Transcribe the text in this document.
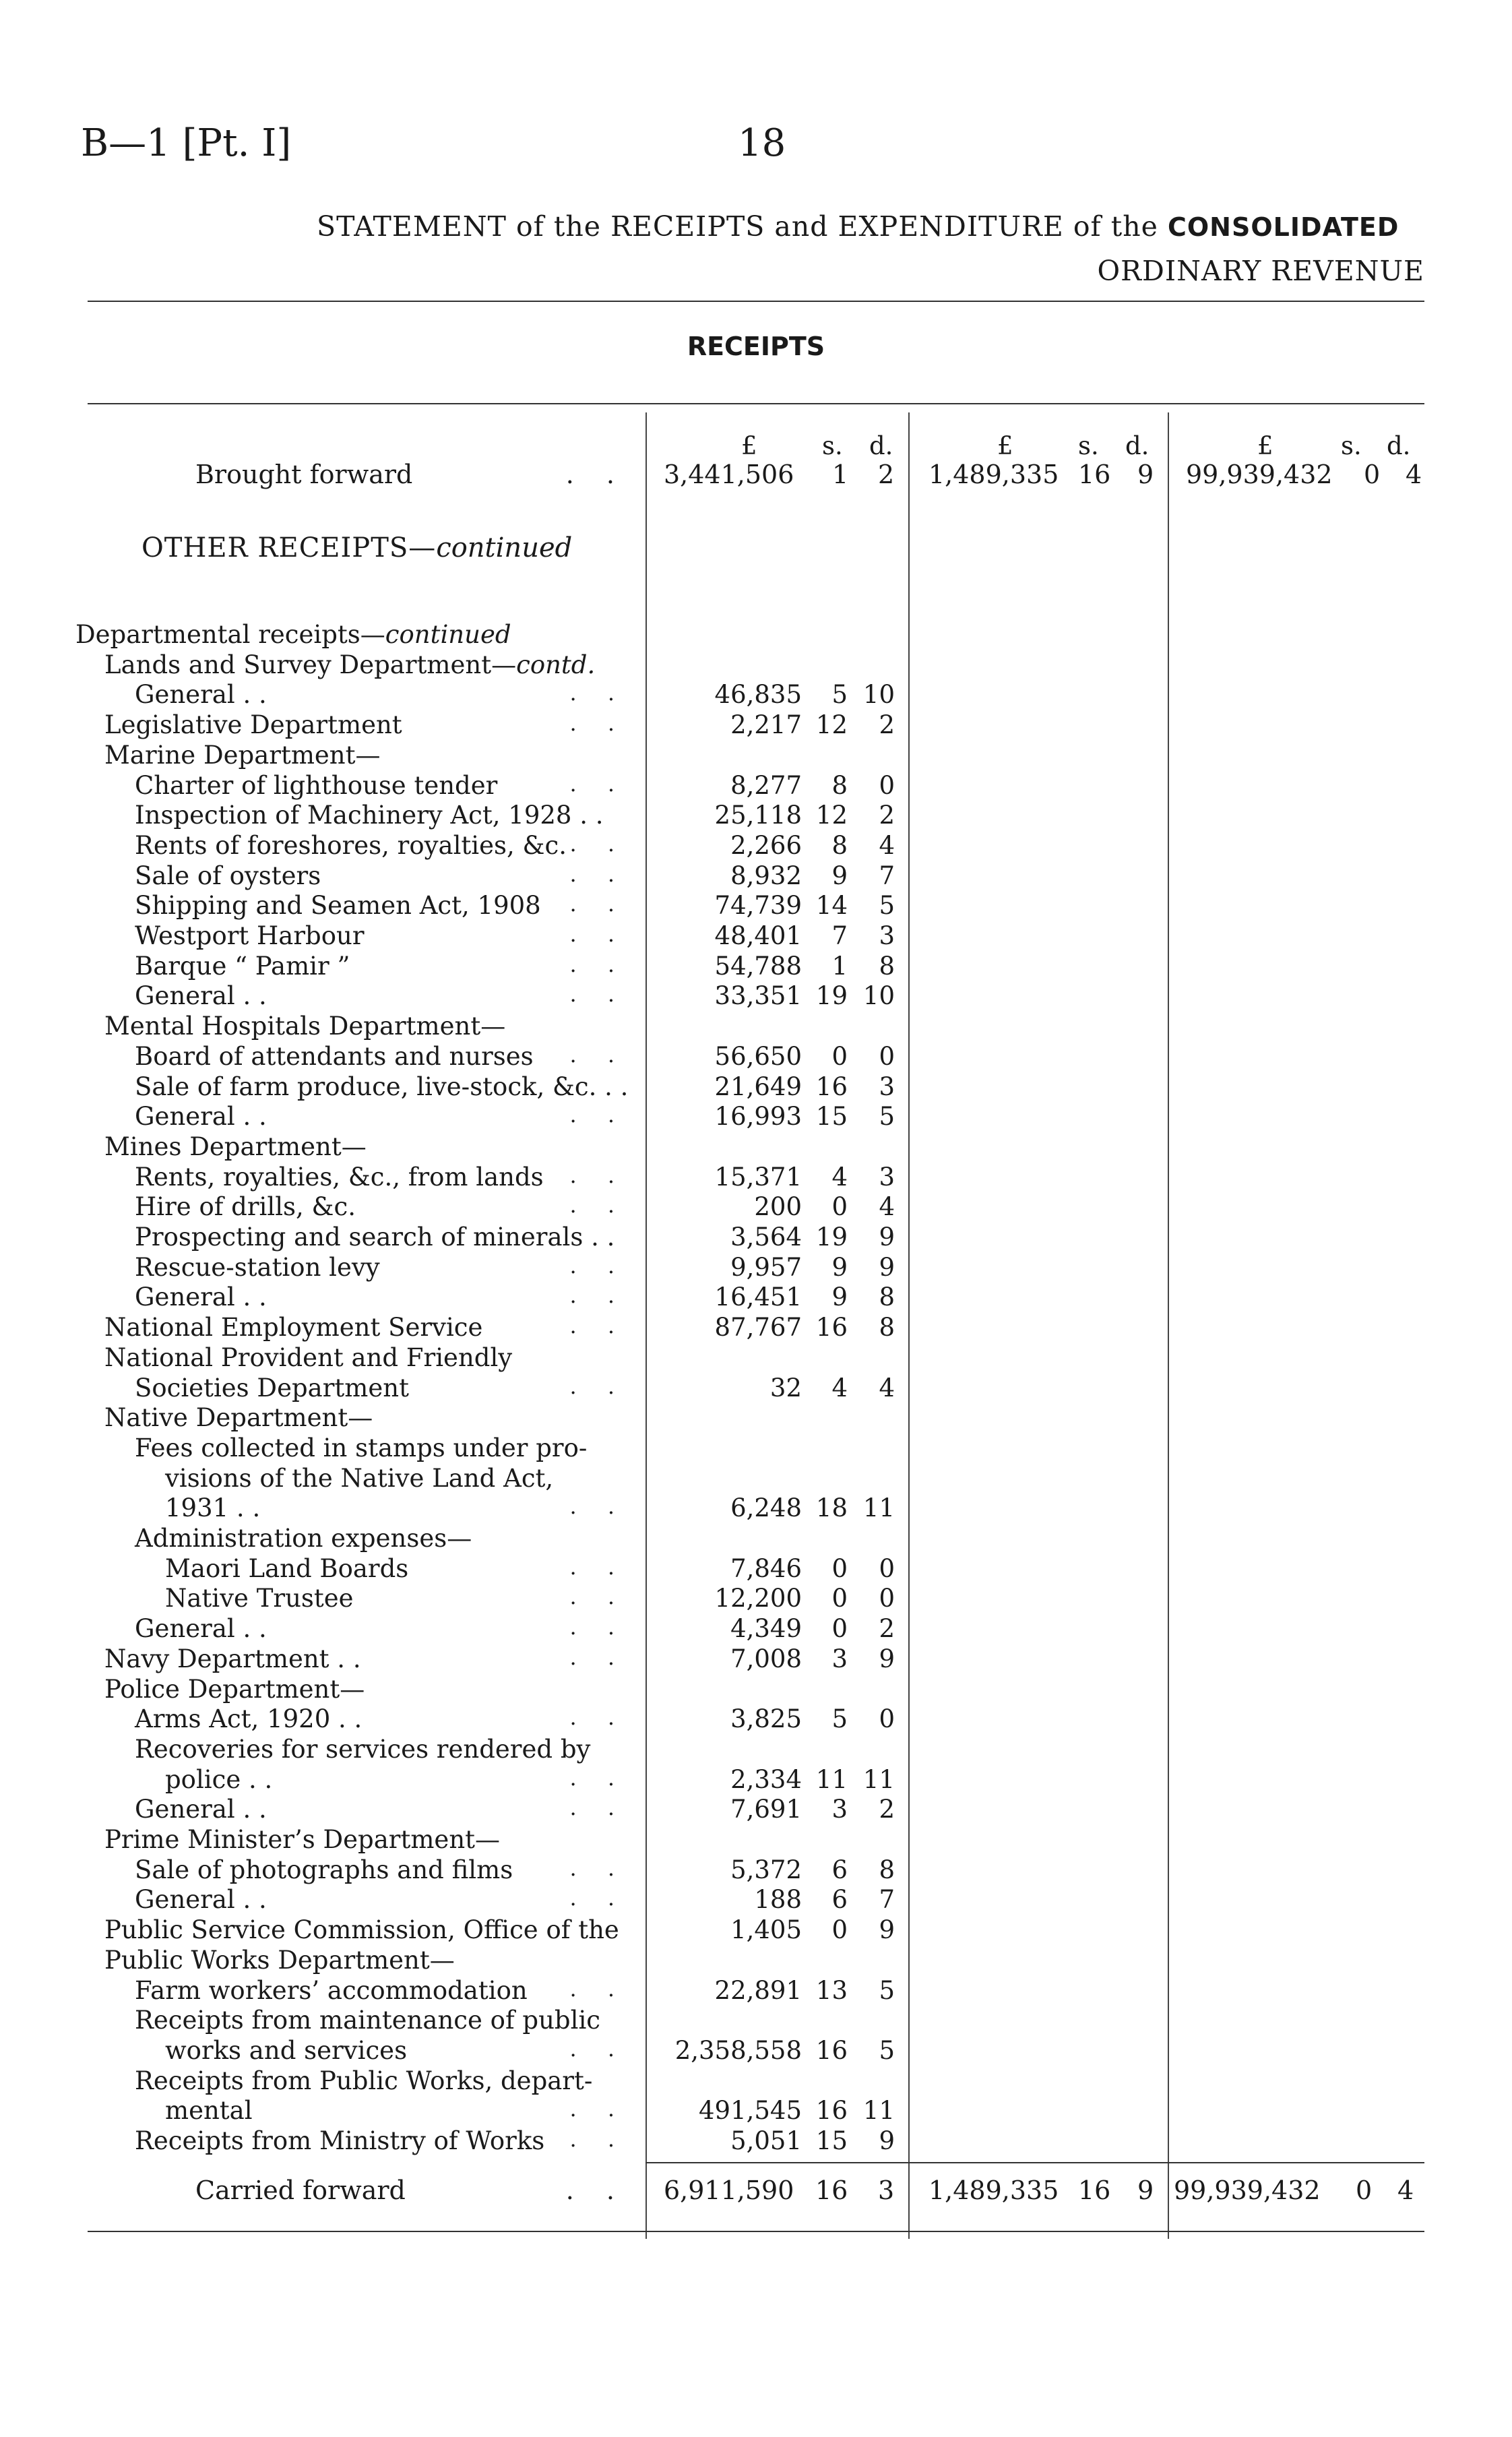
B—1 [Pt. I]	18
STATEMENT of the RECEIPTS and EXPENDITURE of the CONSOLIDATED
ORDINARY REVENUE
RECEIPTS
£	s. d.	£	s. d.	£	s. d.
Brought forward	. . 3,441,506 1 2 1,489,335 16 9 99,939,432 0 4
OTHER RECEIPTS—continued
Departmental receipts—continued
Lands and Survey Department—contd.
General . .	. .	46,835	5 10
Legislative Department	. .	2,217 12	2
Marine Department—
Charter of lighthouse tender	. .	8,277	8	0
Inspection of Machinery Act, 1928 . .	25,118 12	2
Rents of foreshores, royalties, &c. . .	2,266	8	4
Sale of oysters	. .	8,932	9	7
Shipping and Seamen Act, 1908	. .	74,739 14	5
Westport Harbour	. .	48,401	7	3
Barque “ Pamir ”	. .	54,788	1	8
General . .	. .	33,351 19 10
Mental Hospitals Department—
Board of attendants and nurses	. .	56,650	0	0
Sale of farm produce, live-stock, &c. . .	21,649 16	3
General . .	. .	16,993 15	5
Mines Department—
Rents, royalties, &c., from lands	. .	15,371	4	3
Hire of drills, &c.	. .	200	0	4
Prospecting and search of minerals . .	3,564 19	9
Rescue-station levy	. .	9,957	9	9
General . .	. .	16,451	9	8
National Employment Service	. .	87,767 16	8
National Provident and Friendly
Societies Department	. .	32	4	4
Native Department—
Fees collected in stamps under pro-
visions of the Native Land Act,
1931 . .	. .	6,248 18 11
Administration expenses—
Maori Land Boards	. .	7,846	0	0
Native Trustee	. .	12,200	0	0
General . .	. .	4,349	0	2
Navy Department . .	. .	7,008	3	9
Police Department—
Arms Act, 1920 . .	. .	3,825	5	0
Recoveries for services rendered by
police . .	. .	2,334 11 11
General . .	. .	7,691	3	2
Prime Minister’s Department—
Sale of photographs and films	. .	5,372	6	8
General . .	. .	188	6	7
Public Service Commission, Office of the	1,405	0	9
Public Works Department—
Farm workers’ accommodation	. .	22,891 13	5
Receipts from maintenance of public
works and services	. .	2,358,558 16	5
Receipts from Public Works, depart-
mental	. .	491,545 16 11
Receipts from Ministry of Works	. .	5,051 15	9
Carried forward	. . 6,911,590 16 3 1,489,335 16 9 99,939,432 0 4
